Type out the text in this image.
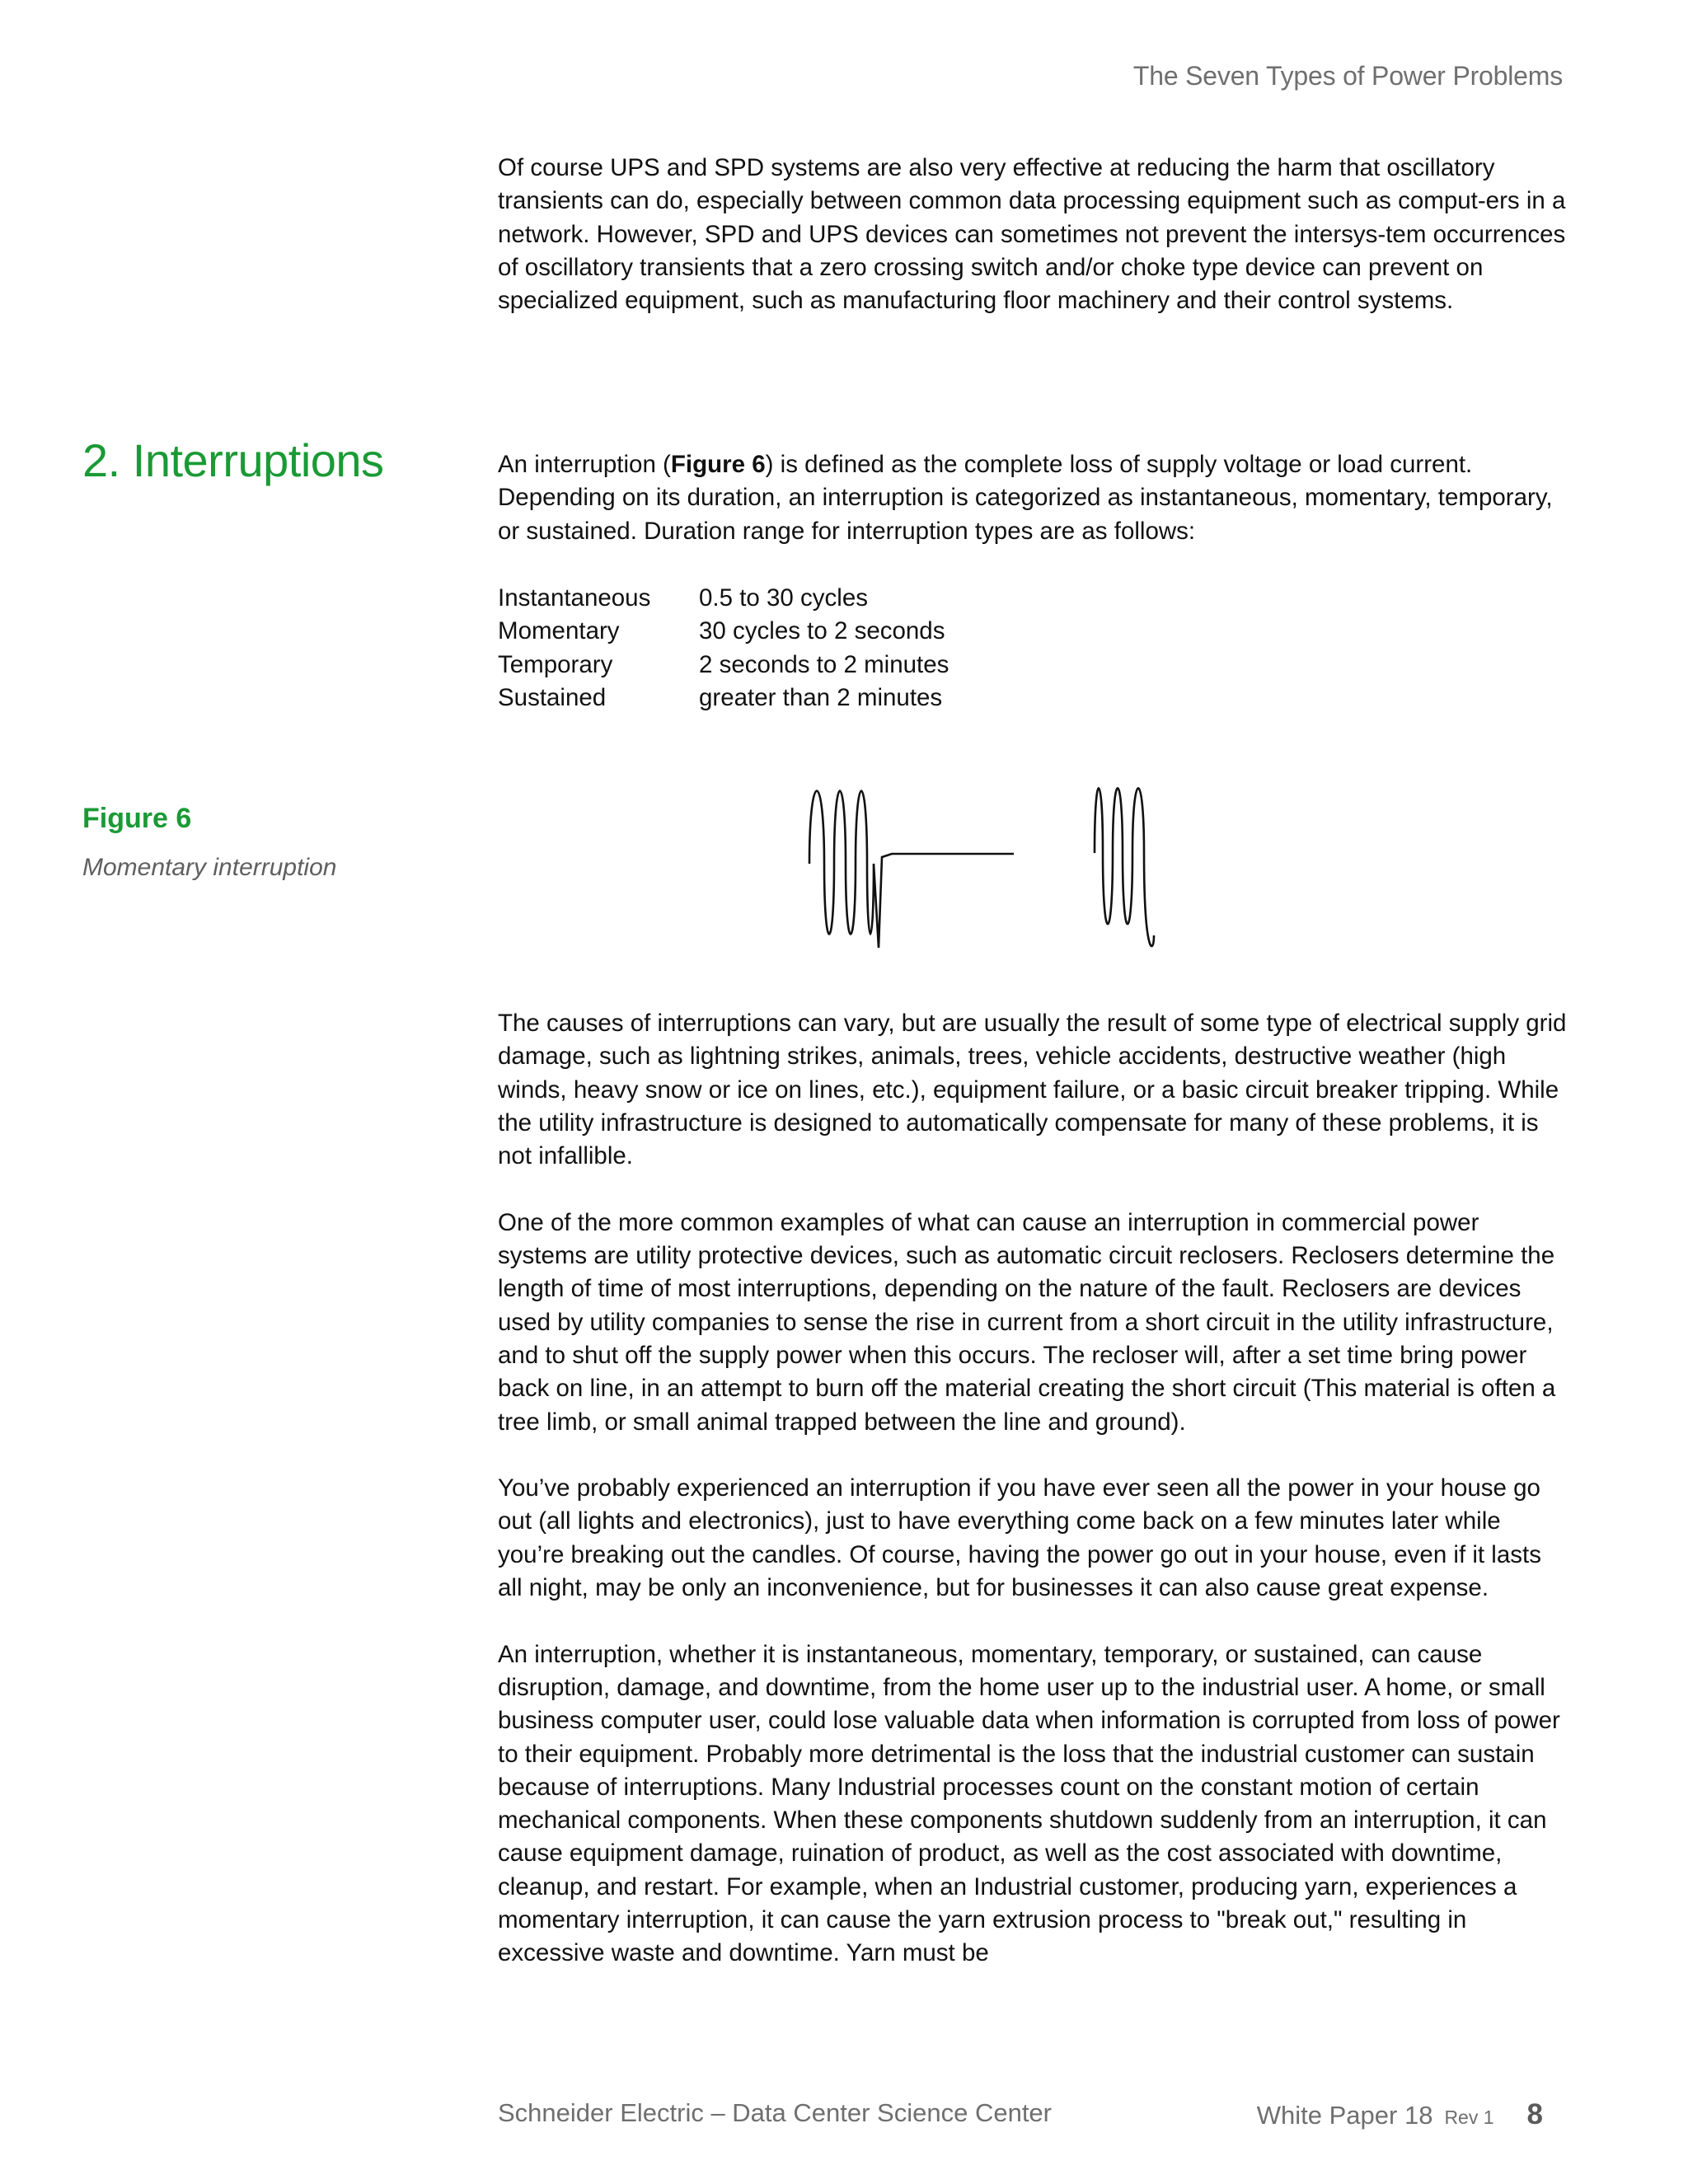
The Seven Types of Power Problems

Of course UPS and SPD systems are also very effective at reducing the harm that oscillatory transients can do, especially between common data processing equipment such as comput-ers in a network. However, SPD and UPS devices can sometimes not prevent the intersys-tem occurrences of oscillatory transients that a zero crossing switch and/or choke type device can prevent on specialized equipment, such as manufacturing floor machinery and their control systems.

2. Interruptions	An interruption (Figure 6) is defined as the complete loss of supply voltage or load current. Depending on its duration, an interruption is categorized as instantaneous, momentary, temporary, or sustained. Duration range for interruption types are as follows:

Instantaneous	0.5 to 30 cycles
Momentary	30 cycles to 2 seconds
Temporary	2 seconds to 2 minutes
Sustained	greater than 2 minutes
Figure 6
Momentary interruption

The causes of interruptions can vary, but are usually the result of some type of electrical supply grid damage, such as lightning strikes, animals, trees, vehicle accidents, destructive weather (high winds, heavy snow or ice on lines, etc.), equipment failure, or a basic circuit breaker tripping. While the utility infrastructure is designed to automatically compensate for many of these problems, it is not infallible.

One of the more common examples of what can cause an interruption in commercial power systems are utility protective devices, such as automatic circuit reclosers. Reclosers determine the length of time of most interruptions, depending on the nature of the fault. Reclosers are devices used by utility companies to sense the rise in current from a short circuit in the utility infrastructure, and to shut off the supply power when this occurs. The recloser will, after a set time bring power back on line, in an attempt to burn off the material creating the short circuit (This material is often a tree limb, or small animal trapped between the line and ground).

You’ve probably experienced an interruption if you have ever seen all the power in your house go out (all lights and electronics), just to have everything come back on a few minutes later while you’re breaking out the candles. Of course, having the power go out in your house, even if it lasts all night, may be only an inconvenience, but for businesses it can also cause great expense.

An interruption, whether it is instantaneous, momentary, temporary, or sustained, can cause disruption, damage, and downtime, from the home user up to the industrial user. A home, or small business computer user, could lose valuable data when information is corrupted from loss of power to their equipment. Probably more detrimental is the loss that the industrial customer can sustain because of interruptions. Many Industrial processes count on the constant motion of certain mechanical components. When these components shutdown suddenly from an interruption, it can cause equipment damage, ruination of product, as well as the cost associated with downtime, cleanup, and restart. For example, when an Industrial customer, producing yarn, experiences a momentary interruption, it can cause the yarn extrusion process to "break out," resulting in excessive waste and downtime. Yarn must be

Schneider Electric – Data Center Science Center	White Paper 18 Rev 1 8
